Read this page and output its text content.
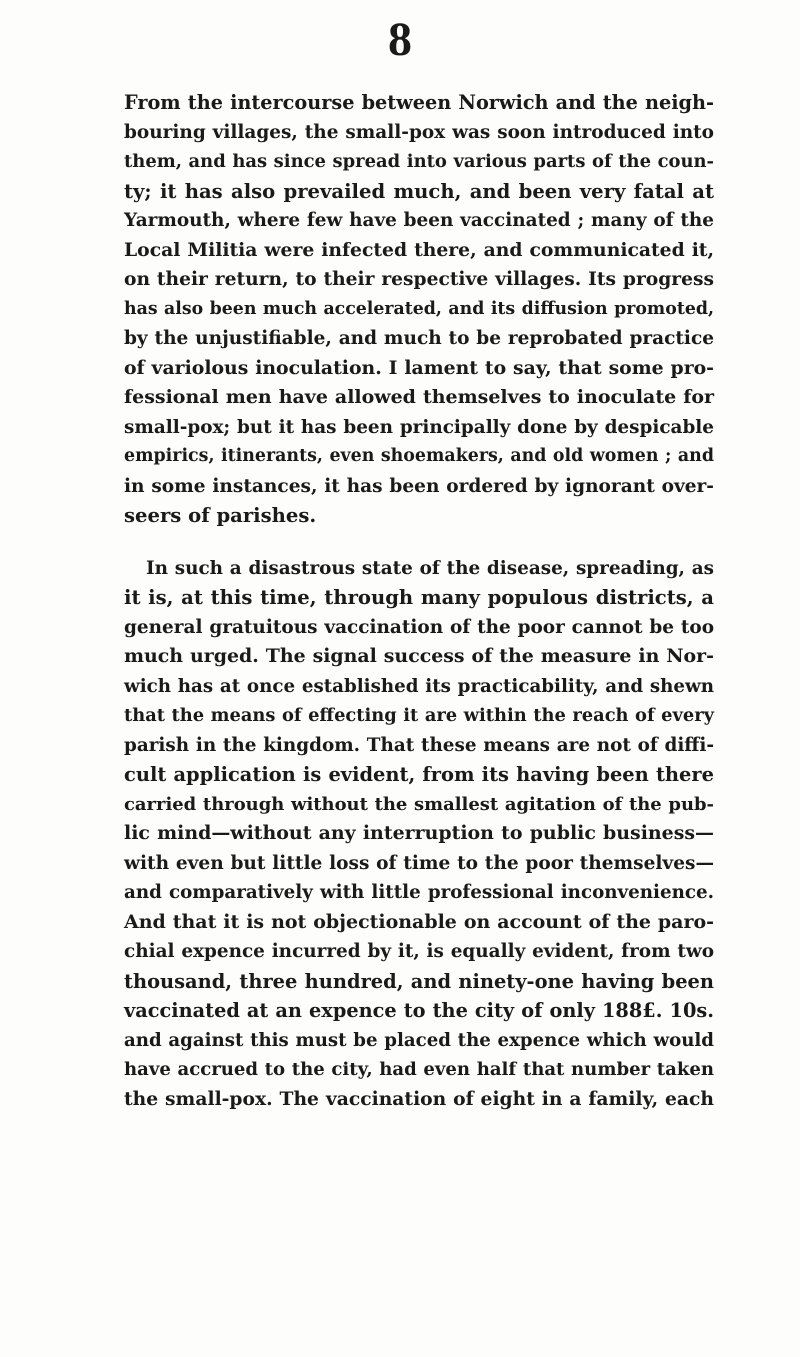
8

From the intercourse between Norwich and the neigh-
bouring villages, the small-pox was soon introduced into
them, and has since spread into various parts of the coun-
ty; it has also prevailed much, and been very fatal at
Yarmouth, where few have been vaccinated ; many of the
Local Militia were infected there, and communicated it,
on their return, to their respective villages. Its progress
has also been much accelerated, and its diffusion promoted,
by the unjustifiable, and much to be reprobated practice
of variolous inoculation. I lament to say, that some pro-
fessional men have allowed themselves to inoculate for
small-pox; but it has been principally done by despicable
empirics, itinerants, even shoemakers, and old women ; and
in some instances, it has been ordered by ignorant over-
seers of parishes.

In such a disastrous state of the disease, spreading, as
it is, at this time, through many populous districts, a
general gratuitous vaccination of the poor cannot be too
much urged. The signal success of the measure in Nor-
wich has at once established its practicability, and shewn
that the means of effecting it are within the reach of every
parish in the kingdom. That these means are not of diffi-
cult application is evident, from its having been there
carried through without the smallest agitation of the pub-
lic mind—without any interruption to public business—
with even but little loss of time to the poor themselves—
and comparatively with little professional inconvenience.
And that it is not objectionable on account of the paro-
chial expence incurred by it, is equally evident, from two
thousand, three hundred, and ninety-one having been
vaccinated at an expence to the city of only 188£. 10s.
and against this must be placed the expence which would
have accrued to the city, had even half that number taken
the small-pox. The vaccination of eight in a family, each
